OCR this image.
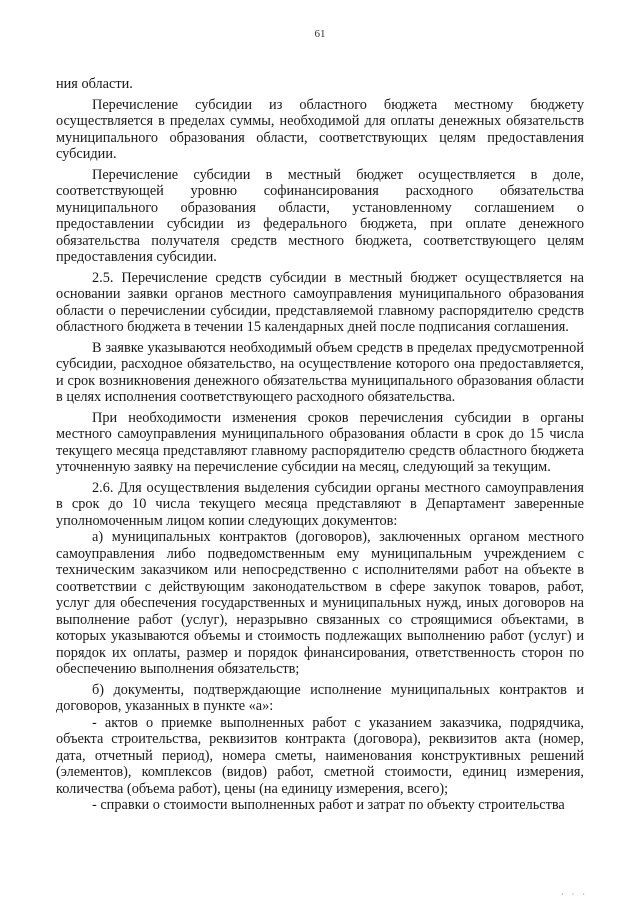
61

ния области.

Перечисление субсидии из областного бюджета местному бюджету осуществляется в пределах суммы, необходимой для оплаты денежных обязательств муниципального образования области, соответствующих целям предоставления субсидии.

Перечисление субсидии в местный бюджет осуществляется в доле, соответствующей уровню софинансирования расходного обязательства муниципального образования области, установленному соглашением о предоставлении субсидии из федерального бюджета, при оплате денежного обязательства получателя средств местного бюджета, соответствующего целям предоставления субсидии.

2.5. Перечисление средств субсидии в местный бюджет осуществляется на основании заявки органов местного самоуправления муниципального образования области о перечислении субсидии, представляемой главному распорядителю средств областного бюджета в течении 15 календарных дней после подписания соглашения.

В заявке указываются необходимый объем средств в пределах предусмотренной субсидии, расходное обязательство, на осуществление которого она предоставляется, и срок возникновения денежного обязательства муниципального образования области в целях исполнения соответствующего расходного обязательства.

При необходимости изменения сроков перечисления субсидии в органы местного самоуправления муниципального образования области в срок до 15 числа текущего месяца представляют главному распорядителю средств областного бюджета уточненную заявку на перечисление субсидии на месяц, следующий за текущим.

2.6. Для осуществления выделения субсидии органы местного самоуправления в срок до 10 числа текущего месяца представляют в Департамент заверенные уполномоченным лицом копии следующих документов:

а) муниципальных контрактов (договоров), заключенных органом местного самоуправления либо подведомственным ему муниципальным учреждением с техническим заказчиком или непосредственно с исполнителями работ на объекте в соответствии с действующим законодательством в сфере закупок товаров, работ, услуг для обеспечения государственных и муниципальных нужд, иных договоров на выполнение работ (услуг), неразрывно связанных со строящимися объектами, в которых указываются объемы и стоимость подлежащих выполнению работ (услуг) и порядок их оплаты, размер и порядок финансирования, ответственность сторон по обеспечению выполнения обязательств;

б) документы, подтверждающие исполнение муниципальных контрактов и договоров, указанных в пункте «а»:

- актов о приемке выполненных работ с указанием заказчика, подрядчика, объекта строительства, реквизитов контракта (договора), реквизитов акта (номер, дата, отчетный период), номера сметы, наименования конструктивных решений (элементов), комплексов (видов) работ, сметной стоимости, единиц измерения, количества (объема работ), цены (на единицу измерения, всего);

- справки о стоимости выполненных работ и затрат по объекту строительства

· · ·
